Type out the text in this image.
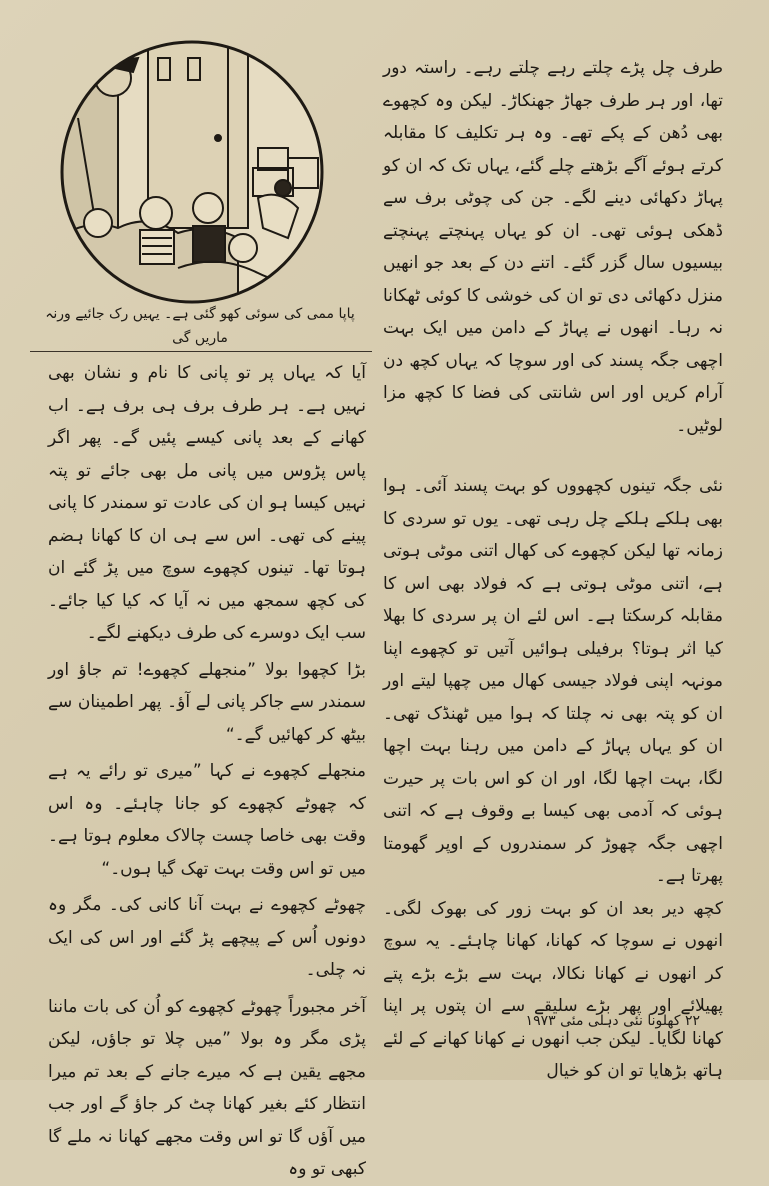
پاپا ممی کی سوئی کھو گئی ہے۔ یہیں رک جائیے ورنہ ماریں گی

طرف چل پڑے چلتے رہے چلتے رہے۔ راستہ دور تھا، اور ہر طرف جھاڑ جھنکاڑ۔ لیکن وہ کچھوے بھی دُھن کے پکے تھے۔ وہ ہر تکلیف کا مقابلہ کرتے ہوئے آگے بڑھتے چلے گئے، یہاں تک کہ ان کو پہاڑ دکھائی دینے لگے۔ جن کی چوٹی برف سے ڈھکی ہوئی تھی۔ ان کو یہاں پہنچتے پہنچتے بیسیوں سال گزر گئے۔ اتنے دن کے بعد جو انھیں منزل دکھائی دی تو ان کی خوشی کا کوئی ٹھکانا نہ رہا۔ انھوں نے پہاڑ کے دامن میں ایک بہت اچھی جگہ پسند کی اور سوچا کہ یہاں کچھ دن آرام کریں اور اس شانتی کی فضا کا کچھ مزا لوٹیں۔

نئی جگہ تینوں کچھووں کو بہت پسند آئی۔ ہوا بھی ہلکے ہلکے چل رہی تھی۔ یوں تو سردی کا زمانہ تھا لیکن کچھوے کی کھال اتنی موٹی ہوتی ہے، اتنی موٹی ہوتی ہے کہ فولاد بھی اس کا مقابلہ کرسکتا ہے۔ اس لئے ان پر سردی کا بھلا کیا اثر ہوتا؟ برفیلی ہوائیں آتیں تو کچھوے اپنا مونہہ اپنی فولاد جیسی کھال میں چھپا لیتے اور ان کو پتہ بھی نہ چلتا کہ ہوا میں ٹھنڈک تھی۔ ان کو یہاں پہاڑ کے دامن میں رہنا بہت اچھا لگا، بہت اچھا لگا، اور ان کو اس بات پر حیرت ہوئی کہ آدمی بھی کیسا بے وقوف ہے کہ اتنی اچھی جگہ چھوڑ کر سمندروں کے اوپر گھومتا پھرتا ہے۔

کچھ دیر بعد ان کو بہت زور کی بھوک لگی۔ انھوں نے سوچا کہ کھانا، کھانا چاہئے۔ یہ سوچ کر انھوں نے کھانا نکالا، بہت سے بڑے بڑے پتے پھیلائے اور پھر بڑے سلیقے سے ان پتوں پر اپنا کھانا لگایا۔ لیکن جب انھوں نے کھانا کھانے کے لئے ہاتھ بڑھایا تو ان کو خیال

آیا کہ یہاں پر تو پانی کا نام و نشان بھی نہیں ہے۔ ہر طرف برف ہی برف ہے۔ اب کھانے کے بعد پانی کیسے پئیں گے۔ پھر اگر پاس پڑوس میں پانی مل بھی جائے تو پتہ نہیں کیسا ہو ان کی عادت تو سمندر کا پانی پینے کی تھی۔ اس سے ہی ان کا کھانا ہضم ہوتا تھا۔ تینوں کچھوے سوچ میں پڑ گئے ان کی کچھ سمجھ میں نہ آیا کہ کیا کیا جائے۔ سب ایک دوسرے کی طرف دیکھنے لگے۔

بڑا کچھوا بولا ”منجھلے کچھوے! تم جاؤ اور سمندر سے جاکر پانی لے آؤ۔ پھر اطمینان سے بیٹھ کر کھائیں گے۔“

منجھلے کچھوے نے کہا ”میری تو رائے یہ ہے کہ چھوٹے کچھوے کو جانا چاہئے۔ وہ اس وقت بھی خاصا چست چالاک معلوم ہوتا ہے۔ میں تو اس وقت بہت تھک گیا ہوں۔“

چھوٹے کچھوے نے بہت آنا کانی کی۔ مگر وہ دونوں اُس کے پیچھے پڑ گئے اور اس کی ایک نہ چلی۔

آخر مجبوراً چھوٹے کچھوے کو اُن کی بات ماننا پڑی مگر وہ بولا ”میں چلا تو جاؤں، لیکن مجھے یقین ہے کہ میرے جانے کے بعد تم میرا انتظار کئے بغیر کھانا چٹ کر جاؤ گے اور جب میں آؤں گا تو اس وقت مجھے کھانا نہ ملے گا کبھی تو وہ

۲۲ کھلونا نئی دہلی مئی ۱۹۷۳
